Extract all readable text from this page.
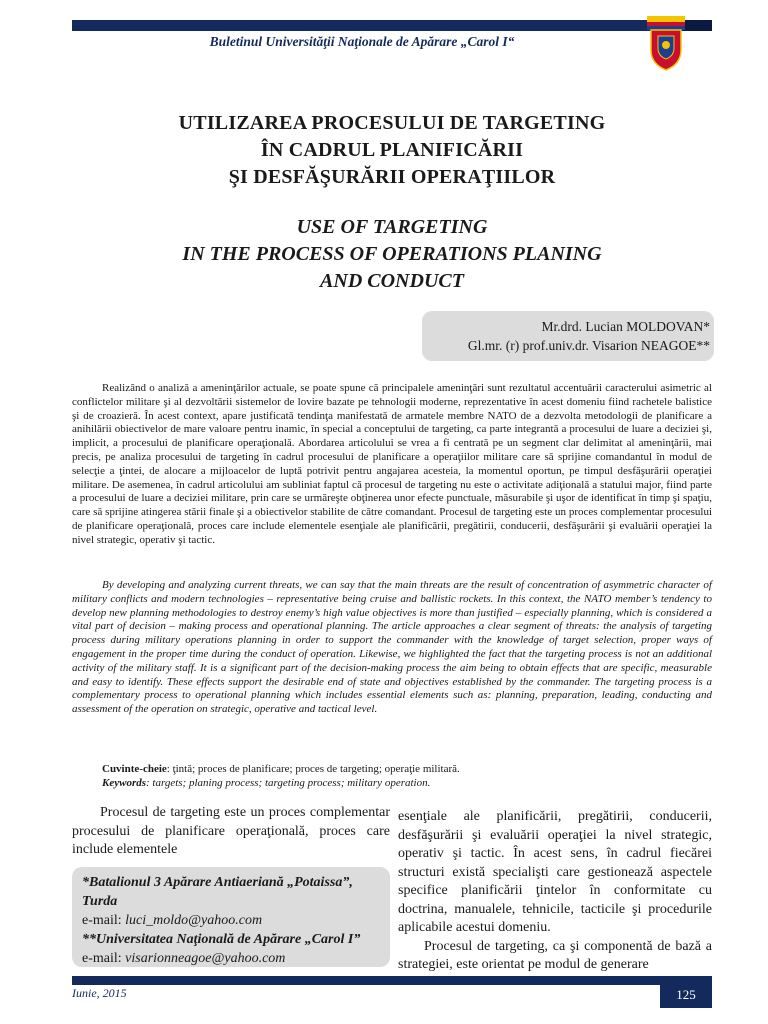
Buletinul Universităţii Naţionale de Apărare „Carol I“
UTILIZAREA PROCESULUI DE TARGETING
ÎN CADRUL PLANIFICĂRII
ŞI DESFĂŞURĂRII OPERAŢIILOR
USE OF TARGETING
IN THE PROCESS OF OPERATIONS PLANING
AND CONDUCT
Mr.drd. Lucian MOLDOVAN*
Gl.mr. (r) prof.univ.dr. Visarion NEAGOE**

Realizând o analiză a ameninţărilor actuale, se poate spune că principalele ameninţări sunt rezultatul accentuării caracterului asimetric al conflictelor militare şi al dezvoltării sistemelor de lovire bazate pe tehnologii moderne, reprezentative în acest domeniu fiind rachetele balistice şi de croazieră. În acest context, apare justificată tendinţa manifestată de armatele membre NATO de a dezvolta metodologii de planificare a anihilării obiectivelor de mare valoare pentru inamic, în special a conceptului de targeting, ca parte integrantă a procesului de luare a deciziei şi, implicit, a procesului de planificare operaţională. Abordarea articolului se vrea a fi centrată pe un segment clar delimitat al ameninţării, mai precis, pe analiza procesului de targeting în cadrul procesului de planificare a operaţiilor militare care să sprijine comandantul în modul de selecţie a ţintei, de alocare a mijloacelor de luptă potrivit pentru angajarea acesteia, la momentul oportun, pe timpul desfăşurării operaţiei militare. De asemenea, în cadrul articolului am subliniat faptul că procesul de targeting nu este o activitate adiţională a statului major, fiind parte a procesului de luare a deciziei militare, prin care se urmăreşte obţinerea unor efecte punctuale, măsurabile şi uşor de identificat în timp şi spaţiu, care să sprijine atingerea stării finale şi a obiectivelor stabilite de către comandant. Procesul de targeting este un proces complementar procesului de planificare operaţională, proces care include elementele esenţiale ale planificării, pregătirii, conducerii, desfăşurării şi evaluării operaţiei la nivel strategic, operativ şi tactic.

By developing and analyzing current threats, we can say that the main threats are the result of concentration of asymmetric character of military conflicts and modern technologies – representative being cruise and ballistic rockets. In this context, the NATO member’s tendency to develop new planning methodologies to destroy enemy’s high value objectives is more than justified – especially planning, which is considered a vital part of decision – making process and operational planning. The article approaches a clear segment of threats: the analysis of targeting process during military operations planning in order to support the commander with the knowledge of target selection, proper ways of engagement in the proper time during the conduct of operation. Likewise, we highlighted the fact that the targeting process is not an additional activity of the military staff. It is a significant part of the decision-making process the aim being to obtain effects that are specific, measurable and easy to identify. These effects support the desirable end of state and objectives established by the commander. The targeting process is a complementary process to operational planning which includes essential elements such as: planning, preparation, leading, conducting and assessment of the operation on strategic, operative and tactical level.

Cuvinte-cheie: ţintă; proces de planificare; proces de targeting; operaţie militară.
Keywords: targets; planing process; targeting process; military operation.

Procesul de targeting este un proces complementar procesului de planificare operaţională, proces care include elementele

*Batalionul 3 Apărare Antiaeriană „Potaissa”, Turda
e-mail: luci_moldo@yahoo.com
**Universitatea Naţională de Apărare „Carol I”
e-mail: visarionneagoe@yahoo.com

esenţiale ale planificării, pregătirii, conducerii, desfăşurării şi evaluării operaţiei la nivel strategic, operativ şi tactic. În acest sens, în cadrul fiecărei structuri există specialişti care gestionează aspectele specifice planificării ţintelor în conformitate cu doctrina, manualele, tehnicile, tacticile şi procedurile aplicabile acestui domeniu.

Procesul de targeting, ca şi componentă de bază a strategiei, este orientat pe modul de generare

Iunie, 2015	125
